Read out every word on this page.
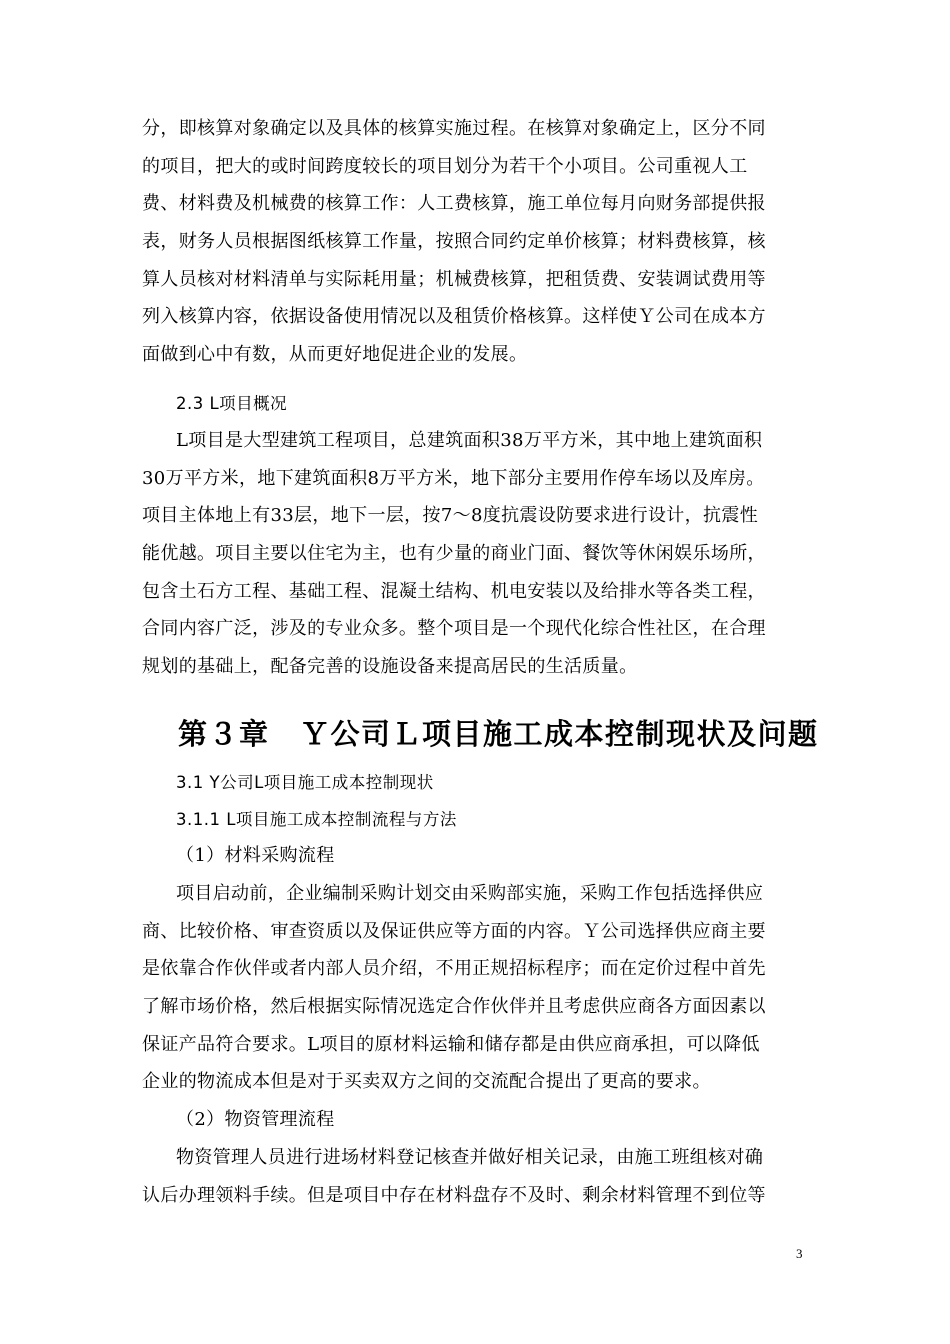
分，即核算对象确定以及具体的核算实施过程。在核算对象确定上，区分不同
的项目，把大的或时间跨度较长的项目划分为若干个小项目。公司重视人工
费、材料费及机械费的核算工作：人工费核算，施工单位每月向财务部提供报
表，财务人员根据图纸核算工作量，按照合同约定单价核算；材料费核算，核
算人员核对材料清单与实际耗用量；机械费核算，把租赁费、安装调试费用等
列入核算内容，依据设备使用情况以及租赁价格核算。这样使Ｙ公司在成本方
面做到心中有数，从而更好地促进企业的发展。
2.3 L项目概况
L项目是大型建筑工程项目，总建筑面积38万平方米，其中地上建筑面积
30万平方米，地下建筑面积8万平方米，地下部分主要用作停车场以及库房。
项目主体地上有33层，地下一层，按7～8度抗震设防要求进行设计，抗震性
能优越。项目主要以住宅为主，也有少量的商业门面、餐饮等休闲娱乐场所，
包含土石方工程、基础工程、混凝土结构、机电安装以及给排水等各类工程，
合同内容广泛，涉及的专业众多。整个项目是一个现代化综合性社区，在合理
规划的基础上，配备完善的设施设备来提高居民的生活质量。
第３章　Ｙ公司Ｌ项目施工成本控制现状及问题
3.1 Y公司L项目施工成本控制现状
3.1.1 L项目施工成本控制流程与方法
（1）材料采购流程
项目启动前，企业编制采购计划交由采购部实施，采购工作包括选择供应
商、比较价格、审查资质以及保证供应等方面的内容。Ｙ公司选择供应商主要
是依靠合作伙伴或者内部人员介绍，不用正规招标程序；而在定价过程中首先
了解市场价格，然后根据实际情况选定合作伙伴并且考虑供应商各方面因素以
保证产品符合要求。L项目的原材料运输和储存都是由供应商承担，可以降低
企业的物流成本但是对于买卖双方之间的交流配合提出了更高的要求。
（2）物资管理流程
物资管理人员进行进场材料登记核查并做好相关记录，由施工班组核对确
认后办理领料手续。但是项目中存在材料盘存不及时、剩余材料管理不到位等
3
